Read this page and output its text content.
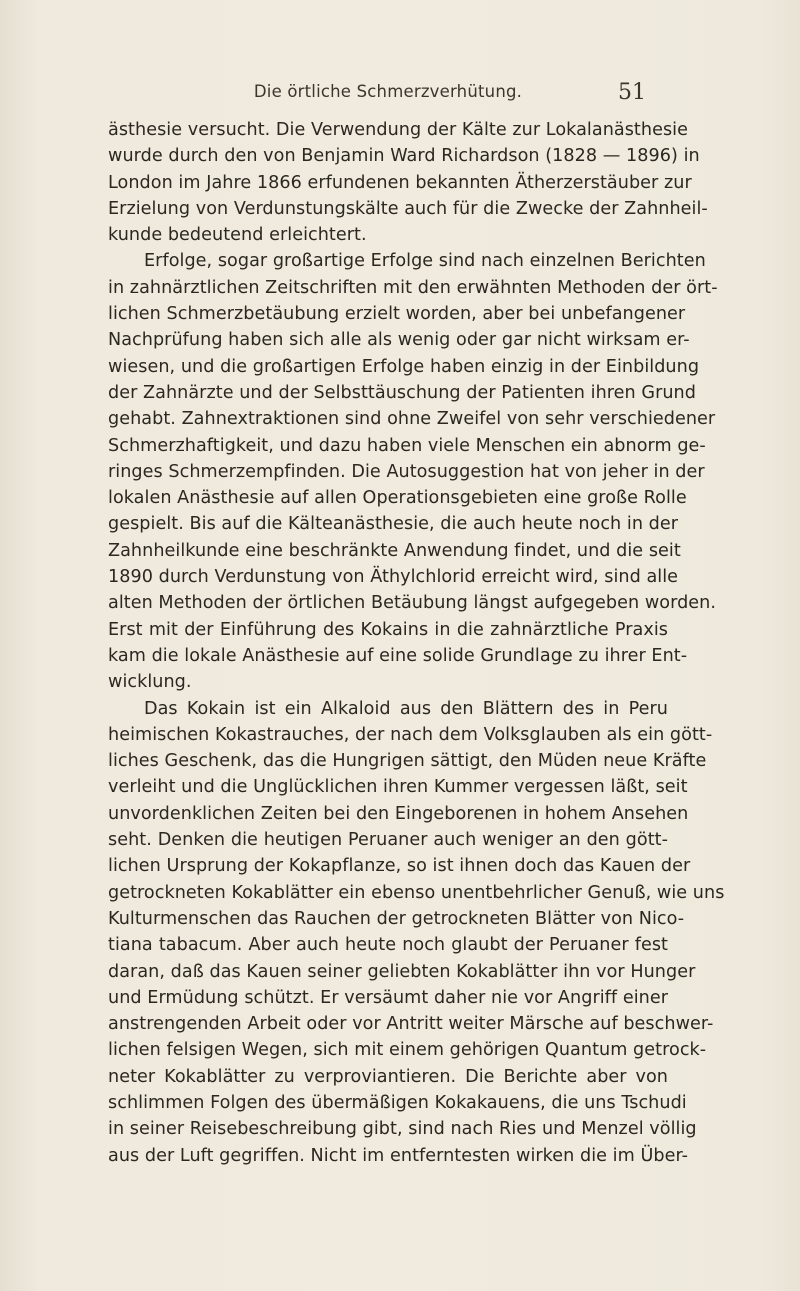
Die örtliche Schmerzverhütung.	51
ästhesie versucht. Die Verwendung der Kälte zur Lokalanästhesie
wurde durch den von Benjamin Ward Richardson (1828 — 1896) in
London im Jahre 1866 erfundenen bekannten Ätherzerstäuber zur
Erzielung von Verdunstungskälte auch für die Zwecke der Zahnheil-
kunde bedeutend erleichtert.
Erfolge, sogar großartige Erfolge sind nach einzelnen Berichten
in zahnärztlichen Zeitschriften mit den erwähnten Methoden der ört-
lichen Schmerzbetäubung erzielt worden, aber bei unbefangener
Nachprüfung haben sich alle als wenig oder gar nicht wirksam er-
wiesen, und die großartigen Erfolge haben einzig in der Einbildung
der Zahnärzte und der Selbsttäuschung der Patienten ihren Grund
gehabt. Zahnextraktionen sind ohne Zweifel von sehr verschiedener
Schmerzhaftigkeit, und dazu haben viele Menschen ein abnorm ge-
ringes Schmerzempfinden. Die Autosuggestion hat von jeher in der
lokalen Anästhesie auf allen Operationsgebieten eine große Rolle
gespielt. Bis auf die Kälteanästhesie, die auch heute noch in der
Zahnheilkunde eine beschränkte Anwendung findet, und die seit
1890 durch Verdunstung von Äthylchlorid erreicht wird, sind alle
alten Methoden der örtlichen Betäubung längst aufgegeben worden.
Erst mit der Einführung des Kokains in die zahnärztliche Praxis
kam die lokale Anästhesie auf eine solide Grundlage zu ihrer Ent-
wicklung.
Das Kokain ist ein Alkaloid aus den Blättern des in Peru
heimischen Kokastrauches, der nach dem Volksglauben als ein gött-
liches Geschenk, das die Hungrigen sättigt, den Müden neue Kräfte
verleiht und die Unglücklichen ihren Kummer vergessen läßt, seit
unvordenklichen Zeiten bei den Eingeborenen in hohem Ansehen
seht. Denken die heutigen Peruaner auch weniger an den gött-
lichen Ursprung der Kokapflanze, so ist ihnen doch das Kauen der
getrockneten Kokablätter ein ebenso unentbehrlicher Genuß, wie uns
Kulturmenschen das Rauchen der getrockneten Blätter von Nico-
tiana tabacum. Aber auch heute noch glaubt der Peruaner fest
daran, daß das Kauen seiner geliebten Kokablätter ihn vor Hunger
und Ermüdung schützt. Er versäumt daher nie vor Angriff einer
anstrengenden Arbeit oder vor Antritt weiter Märsche auf beschwer-
lichen felsigen Wegen, sich mit einem gehörigen Quantum getrock-
neter Kokablätter zu verproviantieren. Die Berichte aber von
schlimmen Folgen des übermäßigen Kokakauens, die uns Tschudi
in seiner Reisebeschreibung gibt, sind nach Ries und Menzel völlig
aus der Luft gegriffen. Nicht im entferntesten wirken die im Über-
